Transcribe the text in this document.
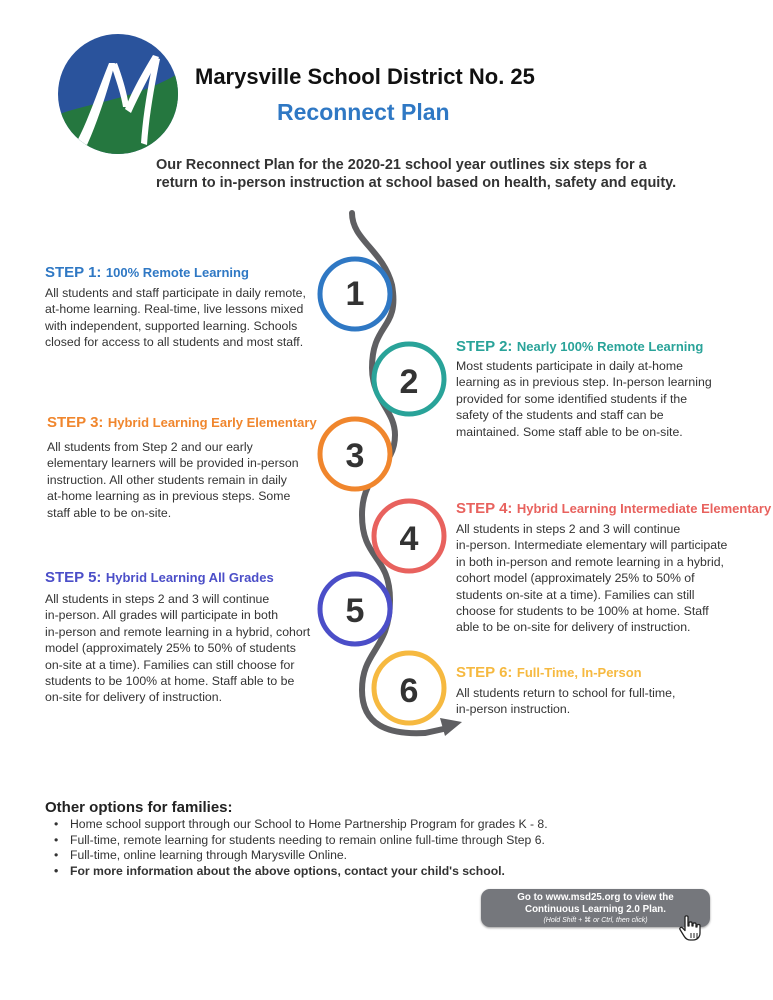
Marysville School District No. 25
Reconnect Plan
Our Reconnect Plan for the 2020-21 school year outlines six steps for a
return to in-person instruction at school based on health, safety and equity.
1
2
3
4
5
6
STEP 1: 100% Remote Learning
All students and staff participate in daily remote,
at-home learning. Real-time, live lessons mixed
with independent, supported learning. Schools
closed for access to all students and most staff.	STEP 2: Nearly 100% Remote Learning
Most students participate in daily at-home
learning as in previous step. In-person learning
provided for some identified students if the
safety of the students and staff can be
maintained. Some staff able to be on-site.
STEP 3: Hybrid Learning Early Elementary
All students from Step 2 and our early
elementary learners will be provided in-person
instruction. All other students remain in daily
at-home learning as in previous steps. Some
staff able to be on-site.	STEP 4: Hybrid Learning Intermediate Elementary
All students in steps 2 and 3 will continue
in-person. Intermediate elementary will participate
in both in-person and remote learning in a hybrid,
cohort model (approximately 25% to 50% of
students on-site at a time). Families can still
choose for students to be 100% at home. Staff
able to be on-site for delivery of instruction.
STEP 5: Hybrid Learning All Grades
All students in steps 2 and 3 will continue
in-person. All grades will participate in both
in-person and remote learning in a hybrid, cohort
model (approximately 25% to 50% of students
on-site at a time). Families can still choose for
students to be 100% at home. Staff able to be
on-site for delivery of instruction.
STEP 6: Full-Time, In-Person
All students return to school for full-time,
in-person instruction.
Other options for families:
• Home school support through our School to Home Partnership Program for grades K - 8.
• Full-time, remote learning for students needing to remain online full-time through Step 6.
• Full-time, online learning through Marysville Online.
• For more information about the above options, contact your child's school.
Go to www.msd25.org to view the
Continuous Learning 2.0 Plan.
(Hold Shift + ⌘ or Ctrl, then click)
